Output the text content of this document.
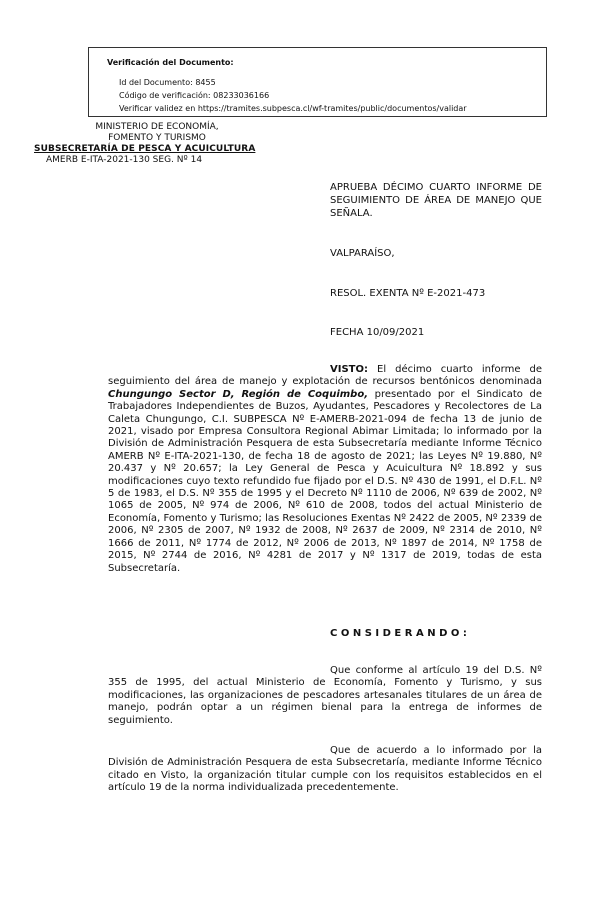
Verificación del Documento:
• Id del Documento: 8455
• Código de verificación: 08233036166
• Verificar validez en https://tramites.subpesca.cl/wf-tramites/public/documentos/validar
MINISTERIO DE ECONOMÍA,
FOMENTO Y TURISMO
SUBSECRETARÍA DE PESCA Y ACUICULTURA
AMERB E-ITA-2021-130 SEG. Nº 14
APRUEBA DÉCIMO CUARTO INFORME DE SEGUIMIENTO DE ÁREA DE MANEJO QUE SEÑALA.
VALPARAÍSO,
RESOL. EXENTA Nº E-2021-473
FECHA 10/09/2021
VISTO: El décimo cuarto informe de seguimiento del área de manejo y explotación de recursos bentónicos denominada Chungungo Sector D, Región de Coquimbo, presentado por el Sindicato de Trabajadores Independientes de Buzos, Ayudantes, Pescadores y Recolectores de La Caleta Chungungo, C.I. SUBPESCA Nº E-AMERB-2021-094 de fecha 13 de junio de 2021, visado por Empresa Consultora Regional Abimar Limitada; lo informado por la División de Administración Pesquera de esta Subsecretaría mediante Informe Técnico AMERB Nº E-ITA-2021-130, de fecha 18 de agosto de 2021; las Leyes Nº 19.880, Nº 20.437 y Nº 20.657; la Ley General de Pesca y Acuicultura Nº 18.892 y sus modificaciones cuyo texto refundido fue fijado por el D.S. Nº 430 de 1991, el D.F.L. Nº 5 de 1983, el D.S. Nº 355 de 1995 y el Decreto Nº 1110 de 2006, Nº 639 de 2002, Nº 1065 de 2005, Nº 974 de 2006, Nº 610 de 2008, todos del actual Ministerio de Economía, Fomento y Turismo; las Resoluciones Exentas Nº 2422 de 2005, Nº 2339 de 2006, Nº 2305 de 2007, Nº 1932 de 2008, Nº 2637 de 2009, Nº 2314 de 2010, Nº 1666 de 2011, Nº 1774 de 2012, Nº 2006 de 2013, Nº 1897 de 2014, Nº 1758 de 2015, Nº 2744 de 2016, Nº 4281 de 2017 y Nº 1317 de 2019, todas de esta Subsecretaría.
CONSIDERANDO:
Que conforme al artículo 19 del D.S. Nº 355 de 1995, del actual Ministerio de Economía, Fomento y Turismo, y sus modificaciones, las organizaciones de pescadores artesanales titulares de un área de manejo, podrán optar a un régimen bienal para la entrega de informes de seguimiento.
Que de acuerdo a lo informado por la División de Administración Pesquera de esta Subsecretaría, mediante Informe Técnico citado en Visto, la organización titular cumple con los requisitos establecidos en el artículo 19 de la norma individualizada precedentemente.
